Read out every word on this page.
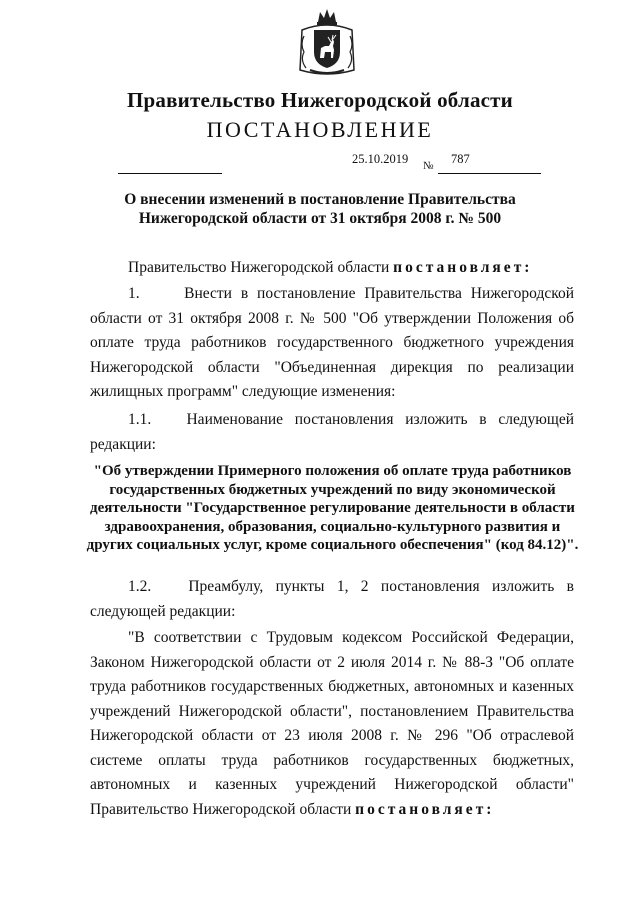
Правительство Нижегородской области
ПОСТАНОВЛЕНИЕ
25.10.2019 № 787
О внесении изменений в постановление Правительства
Нижегородской области от 31 октября 2008 г. № 500
Правительство Нижегородской области постановляет:
1.     Внести в постановление Правительства Нижегородской области от 31 октября 2008 г. № 500 "Об утверждении Положения об оплате труда работников государственного бюджетного учреждения Нижегородской области "Объединенная дирекция по реализации жилищных программ" следующие изменения:
1.1.   Наименование постановления изложить в следующей редакции:
"Об утверждении Примерного положения об оплате труда работников государственных бюджетных учреждений по виду экономической деятельности "Государственное регулирование деятельности в области здравоохранения, образования, социально-культурного развития и других социальных услуг, кроме социального обеспечения" (код 84.12)".
1.2.   Преамбулу, пункты 1, 2 постановления изложить в следующей редакции:
"В соответствии с Трудовым кодексом Российской Федерации, Законом Нижегородской области от 2 июля 2014 г. № 88-З "Об оплате труда работников государственных бюджетных, автономных и казенных учреждений Нижегородской области", постановлением Правительства Нижегородской области от 23 июля 2008 г. № 296 "Об отраслевой системе оплаты труда работников государственных бюджетных, автономных и казенных учреждений Нижегородской области" Правительство Нижегородской области постановляет:
